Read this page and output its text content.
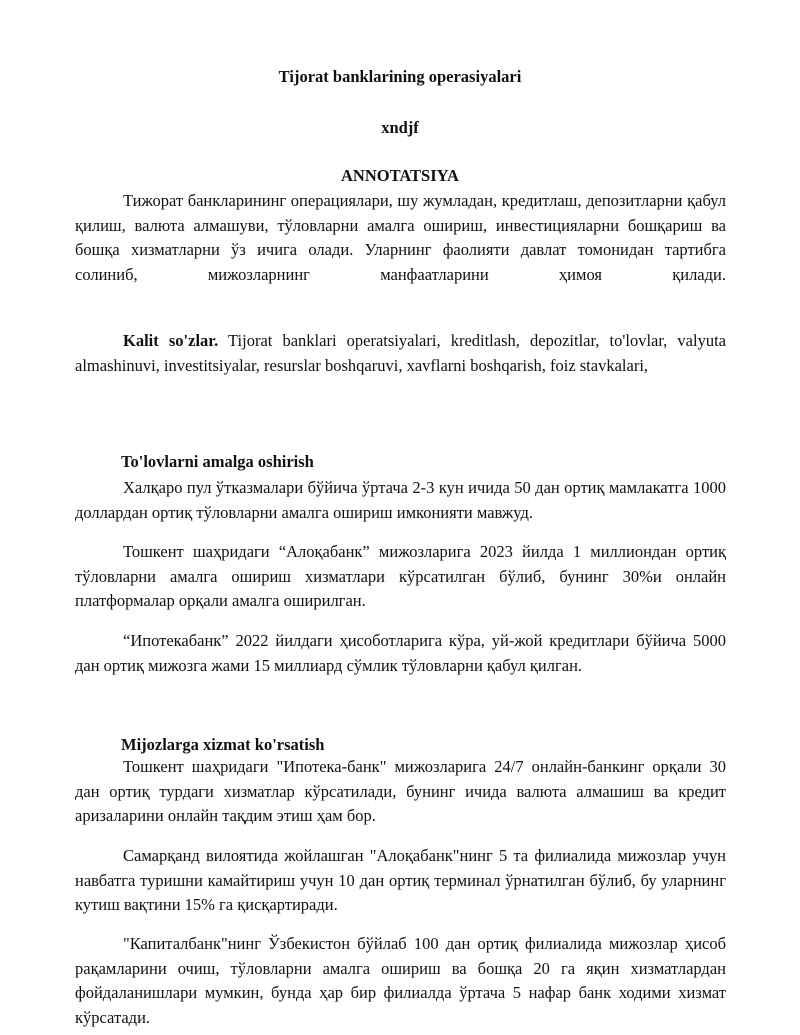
Tijorat banklarining operasiyalari
xndjf
ANNOTATSIYA
Тижорат банкларининг операциялари, шу жумладан, кредитлаш, депозитларни қабул қилиш, валюта алмашуви, тўловларни амалга ошириш, инвестицияларни бошқариш ва бошқа хизматларни ўз ичига олади. Уларнинг фаолияти давлат томонидан тартибга солиниб, мижозларнинг манфаатларини ҳимоя қилади.
Kalit so'zlar. Tijorat banklari operatsiyalari, kreditlash, depozitlar, to'lovlar, valyuta almashinuvi, investitsiyalar, resurslar boshqaruvi, xavflarni boshqarish, foiz stavkalari,
To'lovlarni amalga oshirish
Халқаро пул ўтказмалари бўйича ўртача 2-3 кун ичида 50 дан ортиқ мамлакатга 1000 доллардан ортиқ тўловларни амалга ошириш имконияти мавжуд.
Тошкент шаҳридаги “Алоқабанк” мижозларига 2023 йилда 1 миллиондан ортиқ тўловларни амалга ошириш хизматлари кўрсатилган бўлиб, бунинг 30%и онлайн платформалар орқали амалга оширилган.
“Ипотекабанк” 2022 йилдаги ҳисоботларига кўра, уй-жой кредитлари бўйича 5000 дан ортиқ мижозга жами 15 миллиард сўмлик тўловларни қабул қилган.
Mijozlarga xizmat ko'rsatish
Тошкент шаҳридаги "Ипотека-банк" мижозларига 24/7 онлайн-банкинг орқали 30 дан ортиқ турдаги хизматлар кўрсатилади, бунинг ичида валюта алмашиш ва кредит аризаларини онлайн тақдим этиш ҳам бор.
Самарқанд вилоятида жойлашган "Алоқабанк"нинг 5 та филиалида мижозлар учун навбатга туришни камайтириш учун 10 дан ортиқ терминал ўрнатилган бўлиб, бу уларнинг кутиш вақтини 15% га қисқартиради.
"Капиталбанк"нинг Ўзбекистон бўйлаб 100 дан ортиқ филиалида мижозлар ҳисоб рақамларини очиш, тўловларни амалга ошириш ва бошқа 20 га яқин хизматлардан фойдаланишлари мумкин, бунда ҳар бир филиалда ўртача 5 нафар банк ходими хизмат кўрсатади.
